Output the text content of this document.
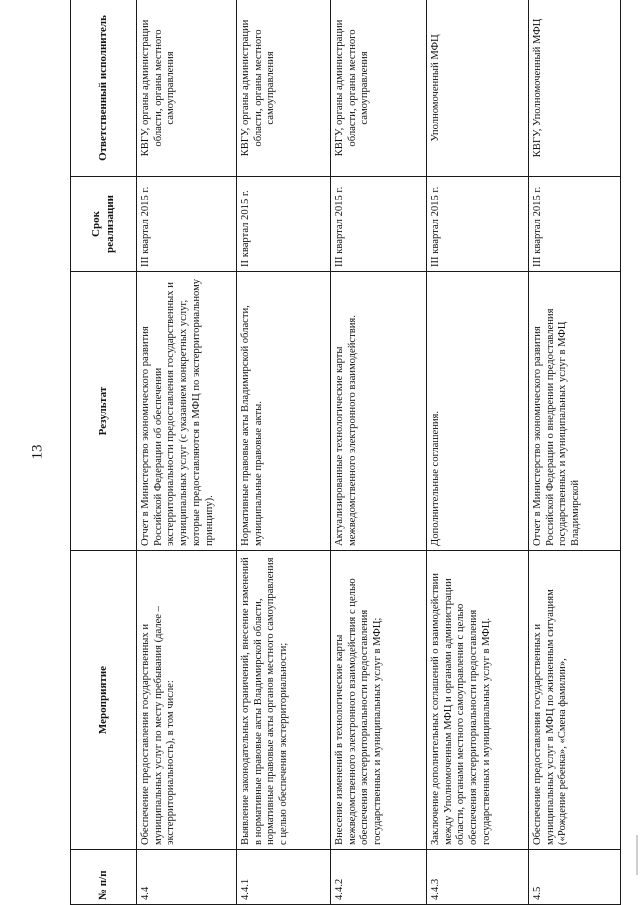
13
№ п/п	Мероприятие	Результат	Срок реализации	Ответственный исполнитель
4.4	Обеспечение предоставления государственных и муниципальных услуг по месту пребывания (далее – экстерриториальность), в том числе:	Отчет в Министерство экономического развития Российской Федерации об обеспечении экстерриториальности предоставления государственных и муниципальных услуг (с указанием конкретных услуг, которые предоставляются в МФЦ по экстерриториальному принципу).	III квартал 2015 г.	КВГУ, органы администрации области, органы местного самоуправления
4.4.1	Выявление законодательных ограничений, внесение изменений в нормативные правовые акты Владимирской области, нормативные правовые акты органов местного самоуправления с целью обеспечения экстерриториальности;	Нормативные правовые акты Владимирской области, муниципальные правовые акты.	II квартал 2015 г.	КВГУ, органы администрации области, органы местного самоуправления
4.4.2	Внесение изменений в технологические карты межведомственного электронного взаимодействия с целью обеспечения экстерриториальности предоставления государственных и муниципальных услуг в МФЦ;	Актуализированные технологические карты межведомственного электронного взаимодействия.	III квартал 2015 г.	КВГУ, органы администрации области, органы местного самоуправления
4.4.3	Заключение дополнительных соглашений о взаимодействии между Уполномоченным МФЦ и органами администрации области, органами местного самоуправления с целью обеспечения экстерриториальности предоставления государственных и муниципальных услуг в МФЦ.	Дополнительные соглашения.	III квартал 2015 г.	Уполномоченный МФЦ
4.5	Обеспечение предоставления государственных и муниципальных услуг в МФЦ по жизненным ситуациям («Рождение ребенка», «Смена фамилии»,	Отчет в Министерство экономического развития Российской Федерации о внедрении предоставления государственных и муниципальных услуг в МФЦ Владимирской	III квартал 2015 г.	КВГУ, Уполномоченный МФЦ
